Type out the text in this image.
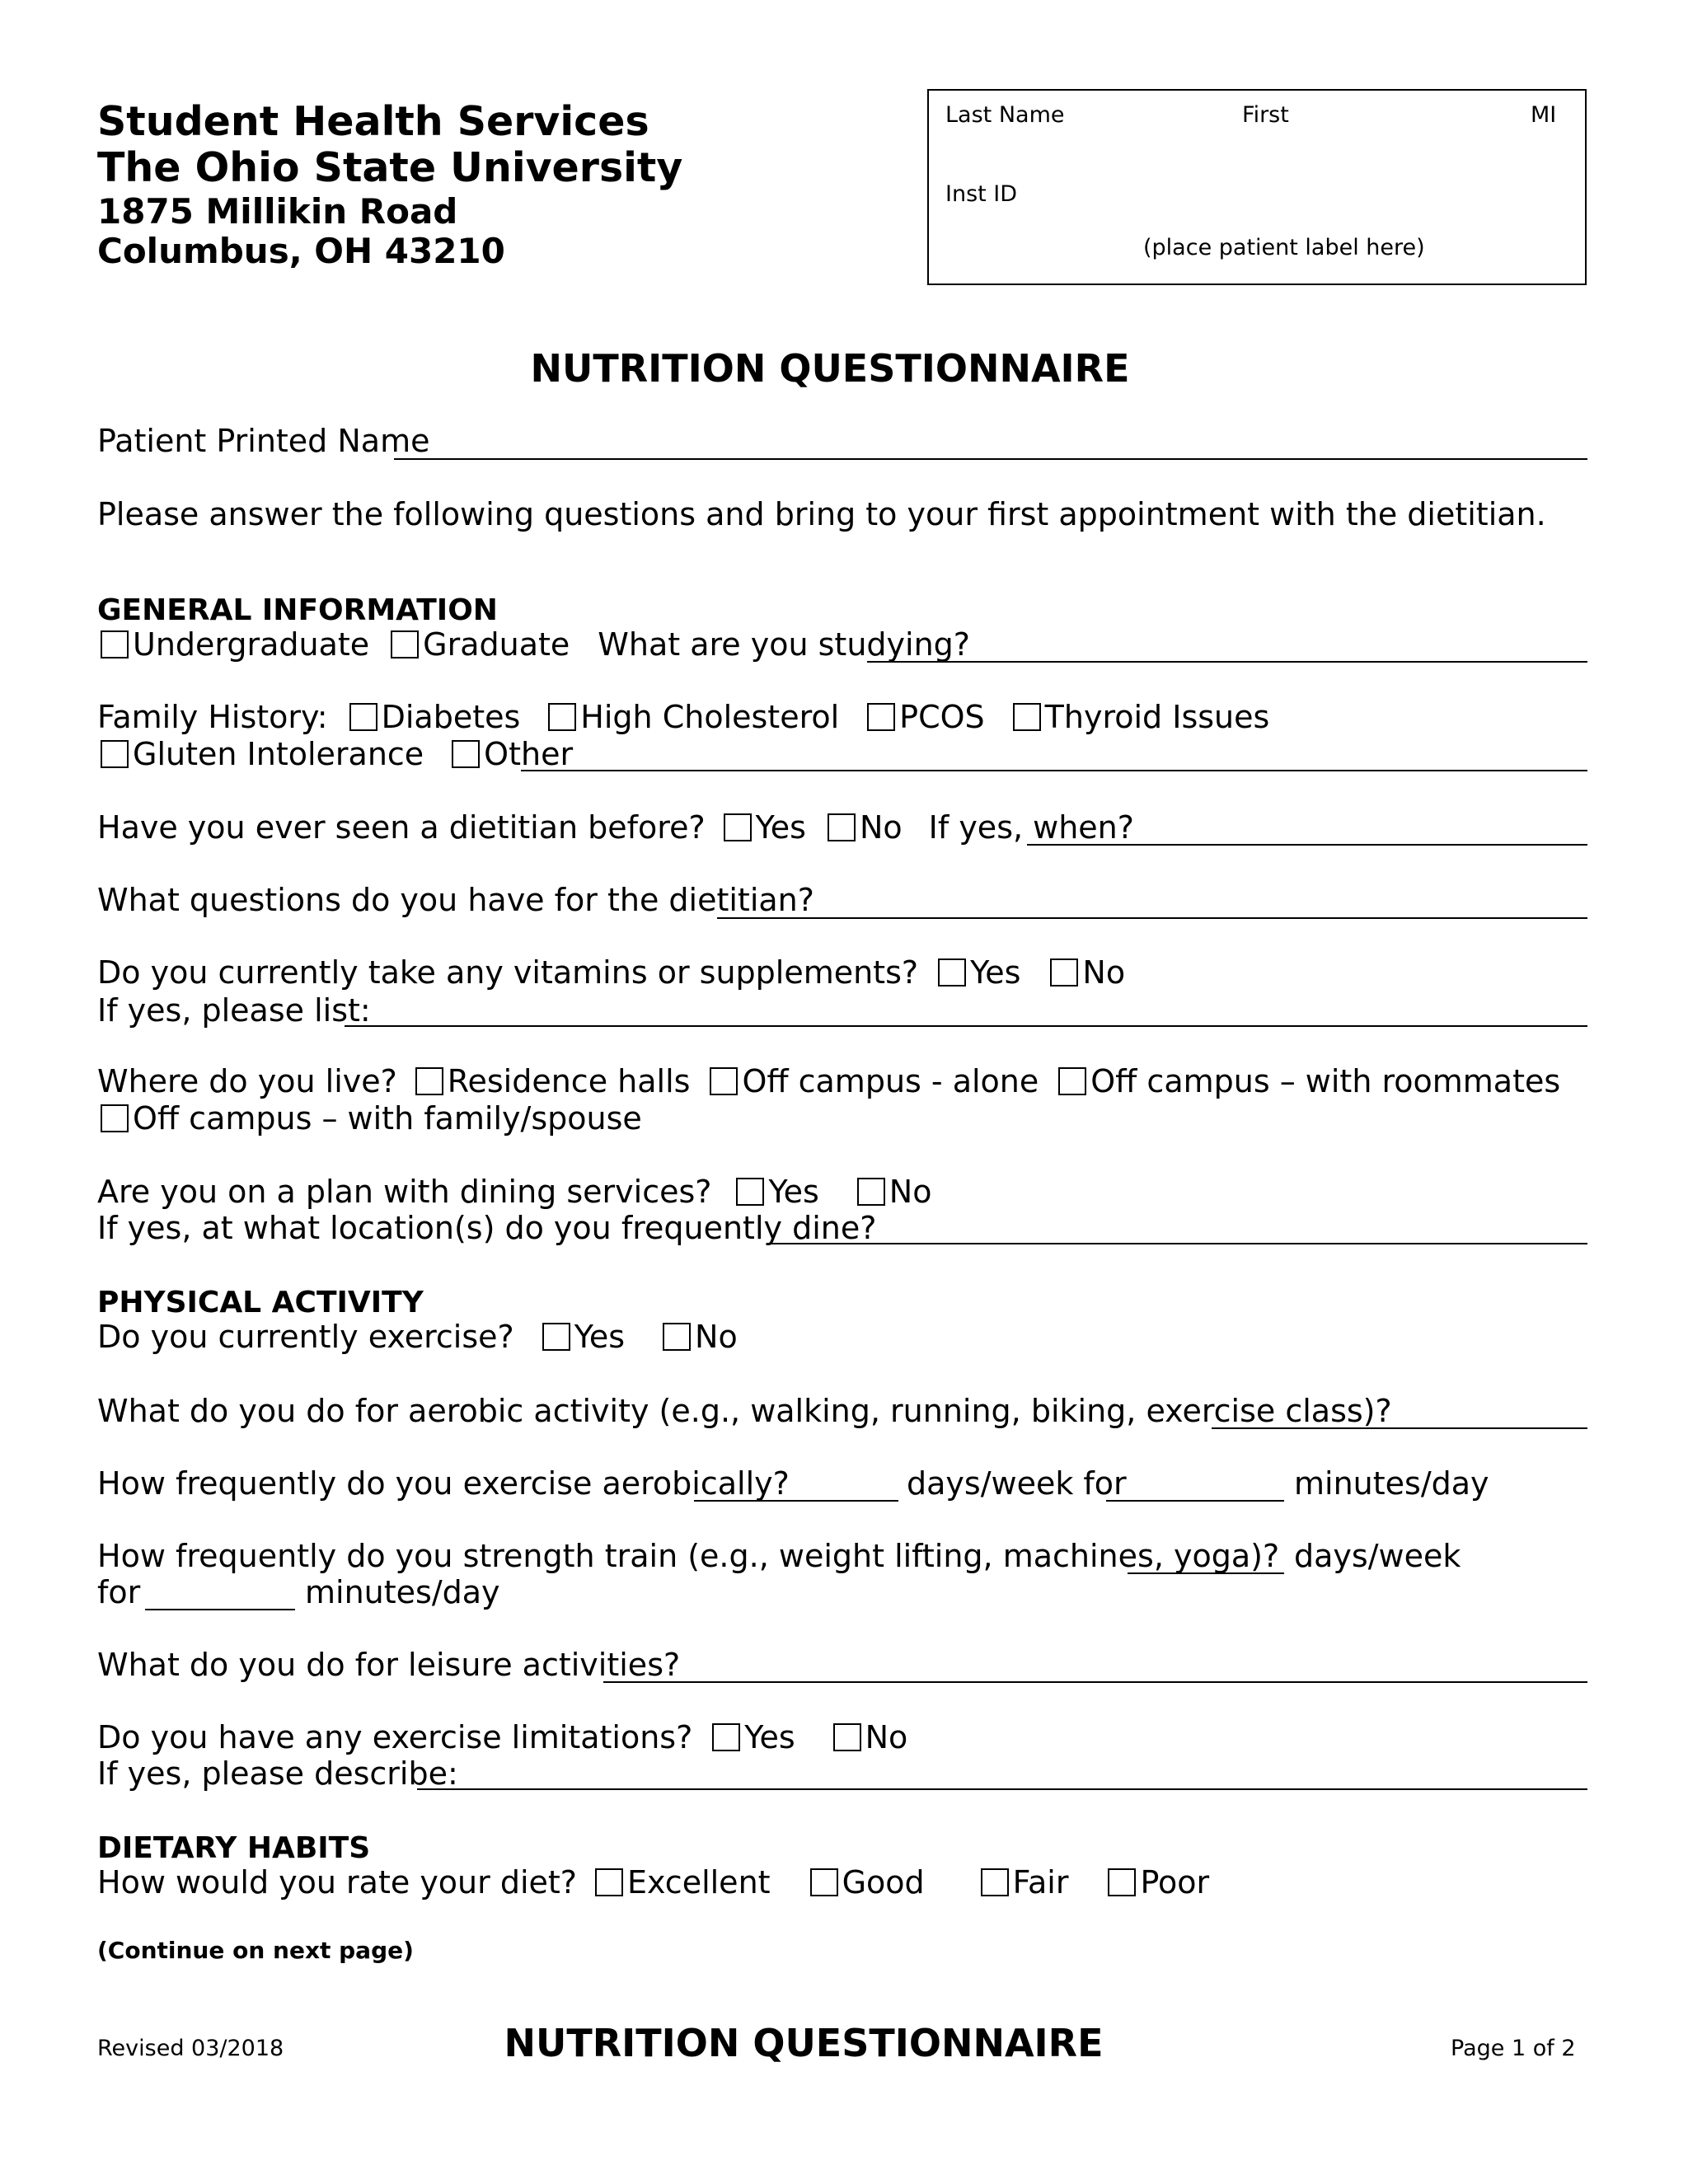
Student Health Services
The Ohio State University
1875 Millikin Road
Columbus, OH 43210
Last Name	First	MI
Inst ID
(place patient label here)
NUTRITION QUESTIONNAIRE
Patient Printed Name
Please answer the following questions and bring to your first appointment with the dietitian.
GENERAL INFORMATION
Undergraduate Graduate What are you studying?
Family History: Diabetes High Cholesterol PCOS Thyroid Issues
Gluten Intolerance Other
Have you ever seen a dietitian before? Yes No If yes, when?
What questions do you have for the dietitian?
Do you currently take any vitamins or supplements? Yes No
If yes, please list:
Where do you live? Residence halls Off campus - alone Off campus – with roommates
Off campus – with family/spouse
Are you on a plan with dining services? Yes No
If yes, at what location(s) do you frequently dine?
PHYSICAL ACTIVITY
Do you currently exercise? Yes No
What do you do for aerobic activity (e.g., walking, running, biking, exercise class)?
How frequently do you exercise aerobically?	days/week for	minutes/day
How frequently do you strength train (e.g., weight lifting, machines, yoga)? days/week
for	minutes/day
What do you do for leisure activities?
Do you have any exercise limitations? Yes No
If yes, please describe:
DIETARY HABITS
How would you rate your diet? Excellent Good	Fair Poor
(Continue on next page)
Revised 03/2018	NUTRITION QUESTIONNAIRE	Page 1 of 2
